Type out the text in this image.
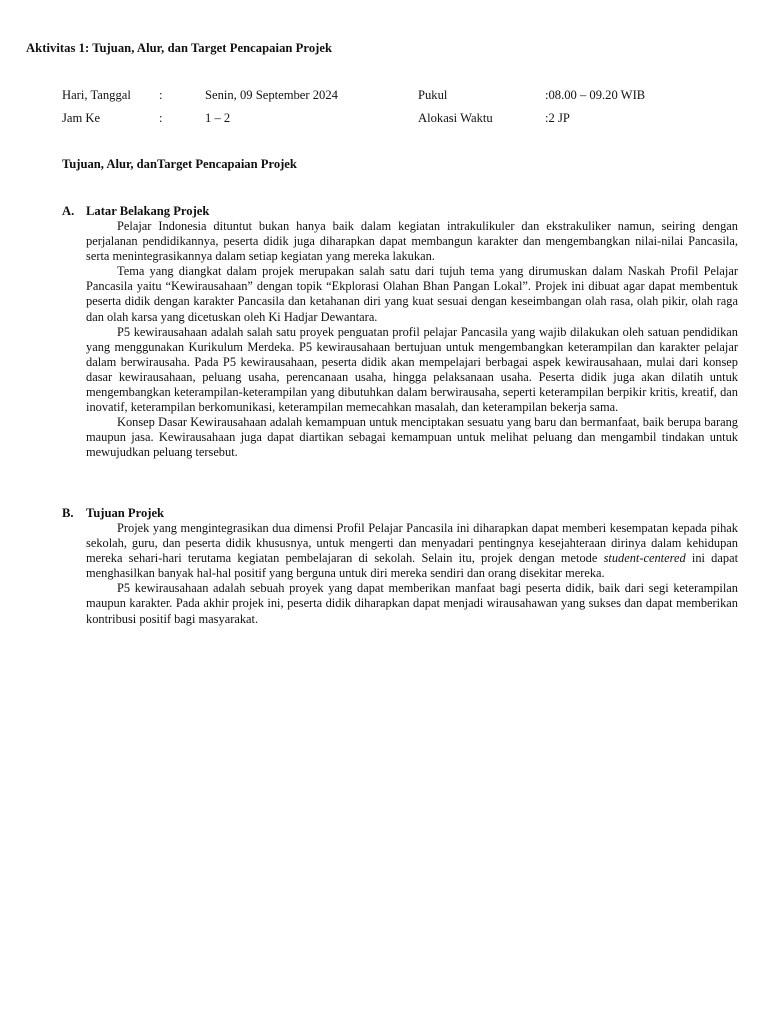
Aktivitas 1: Tujuan, Alur, dan Target Pencapaian Projek
Hari, Tanggal :	Senin, 09 September 2024	Pukul	:08.00 – 09.20 WIB
Jam Ke	:	1 – 2	Alokasi Waktu	:2 JP
Tujuan, Alur, danTarget Pencapaian Projek
A. Latar Belakang Projek

Pelajar Indonesia dituntut bukan hanya baik dalam kegiatan intrakulikuler dan ekstrakuliker namun, seiring dengan perjalanan pendidikannya, peserta didik juga diharapkan dapat membangun karakter dan mengembangkan nilai-nilai Pancasila, serta menintegrasikannya dalam setiap kegiatan yang mereka lakukan.

Tema yang diangkat dalam projek merupakan salah satu dari tujuh tema yang dirumuskan dalam Naskah Profil Pelajar Pancasila yaitu “Kewirausahaan” dengan topik “Ekplorasi Olahan Bhan Pangan Lokal”. Projek ini dibuat agar dapat membentuk peserta didik dengan karakter Pancasila dan ketahanan diri yang kuat sesuai dengan keseimbangan olah rasa, olah pikir, olah raga dan olah karsa yang dicetuskan oleh Ki Hadjar Dewantara.

P5 kewirausahaan adalah salah satu proyek penguatan profil pelajar Pancasila yang wajib dilakukan oleh satuan pendidikan yang menggunakan Kurikulum Merdeka. P5 kewirausahaan bertujuan untuk mengembangkan keterampilan dan karakter pelajar dalam berwirausaha. Pada P5 kewirausahaan, peserta didik akan mempelajari berbagai aspek kewirausahaan, mulai dari konsep dasar kewirausahaan, peluang usaha, perencanaan usaha, hingga pelaksanaan usaha. Peserta didik juga akan dilatih untuk mengembangkan keterampilan-keterampilan yang dibutuhkan dalam berwirausaha, seperti keterampilan berpikir kritis, kreatif, dan inovatif, keterampilan berkomunikasi, keterampilan memecahkan masalah, dan keterampilan bekerja sama.

Konsep Dasar Kewirausahaan adalah kemampuan untuk menciptakan sesuatu yang baru dan bermanfaat, baik berupa barang maupun jasa. Kewirausahaan juga dapat diartikan sebagai kemampuan untuk melihat peluang dan mengambil tindakan untuk mewujudkan peluang tersebut.

B. Tujuan Projek

Projek yang mengintegrasikan dua dimensi Profil Pelajar Pancasila ini diharapkan dapat memberi kesempatan kepada pihak sekolah, guru, dan peserta didik khususnya, untuk mengerti dan menyadari pentingnya kesejahteraan dirinya dalam kehidupan mereka sehari-hari terutama kegiatan pembelajaran di sekolah. Selain itu, projek dengan metode student-centered ini dapat menghasilkan banyak hal-hal positif yang berguna untuk diri mereka sendiri dan orang disekitar mereka.

P5 kewirausahaan adalah sebuah proyek yang dapat memberikan manfaat bagi peserta didik, baik dari segi keterampilan maupun karakter. Pada akhir projek ini, peserta didik diharapkan dapat menjadi wirausahawan yang sukses dan dapat memberikan kontribusi positif bagi masyarakat.
